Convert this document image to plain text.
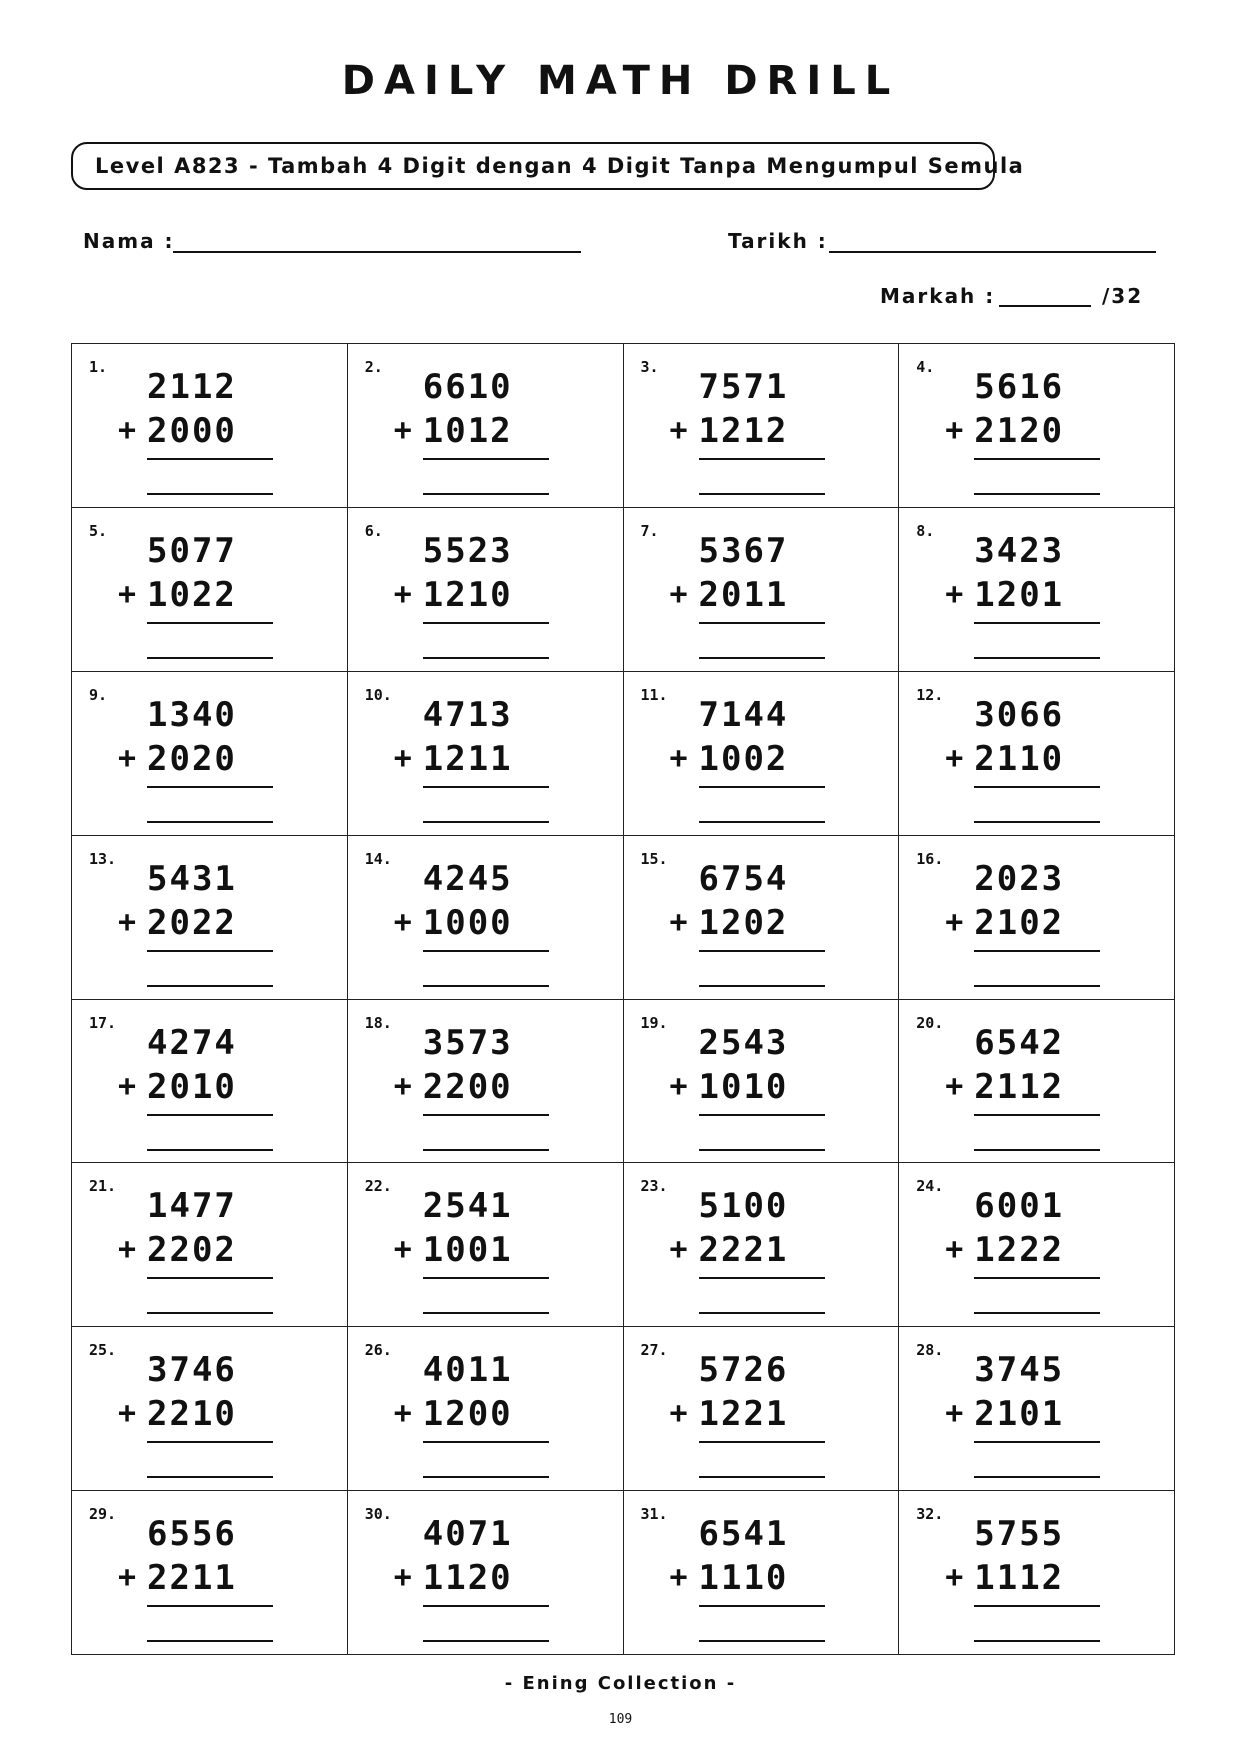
DAILY MATH DRILL
Level A823 - Tambah 4 Digit dengan 4 Digit Tanpa Mengumpul Semula
Nama :	Tarikh :
Markah :	/32
1. 2112
+ 2000
2. 6610
+ 1012
3. 7571
+ 1212
4. 5616
+ 2120
5. 5077
+ 1022
6. 5523
+ 1210
7. 5367
+ 2011
8. 3423
+ 1201
9. 1340
+ 2020
10. 4713
+ 1211
11. 7144
+ 1002
12. 3066
+ 2110
13. 5431
+ 2022
14. 4245
+ 1000
15. 6754
+ 1202
16. 2023
+ 2102
17. 4274
+ 2010
18. 3573
+ 2200
19. 2543
+ 1010
20. 6542
+ 2112
21. 1477
+ 2202
22. 2541
+ 1001
23. 5100
+ 2221
24. 6001
+ 1222
25. 3746
+ 2210
26. 4011
+ 1200
27. 5726
+ 1221
28. 3745
+ 2101
29. 6556
+ 2211
30. 4071
+ 1120
31. 6541
+ 1110
32. 5755
+ 1112
- Ening Collection -
109
